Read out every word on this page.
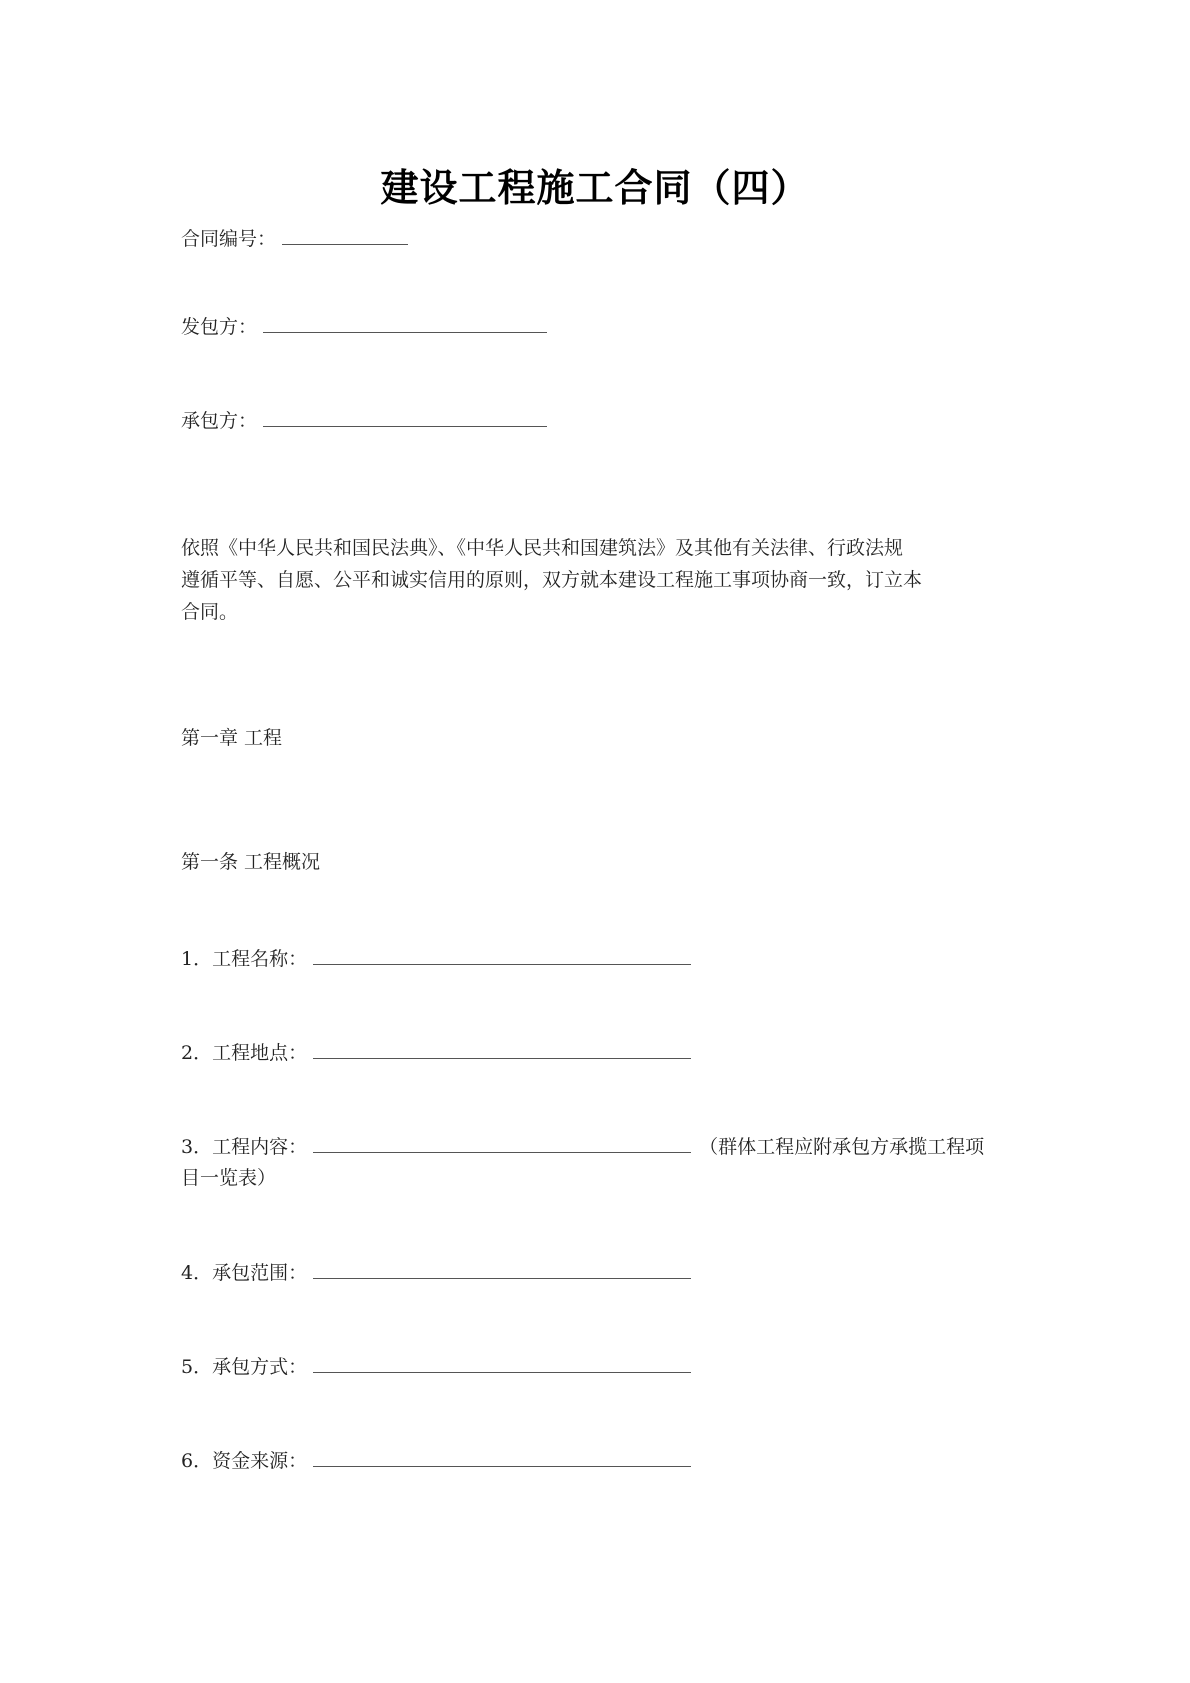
建设工程施工合同（四）
合同编号：
发包方：
承包方：
依照《中华人民共和国民法典》、《中华人民共和国建筑法》及其他有关法律、行政法规
遵循平等、自愿、公平和诚实信用的原则，双方就本建设工程施工事项协商一致，订立本
合同。
第一章 工程
第一条 工程概况
1．工程名称：
2．工程地点：
3．工程内容：	（群体工程应附承包方承揽工程项
目一览表）
4．承包范围：
5．承包方式：
6．资金来源：
